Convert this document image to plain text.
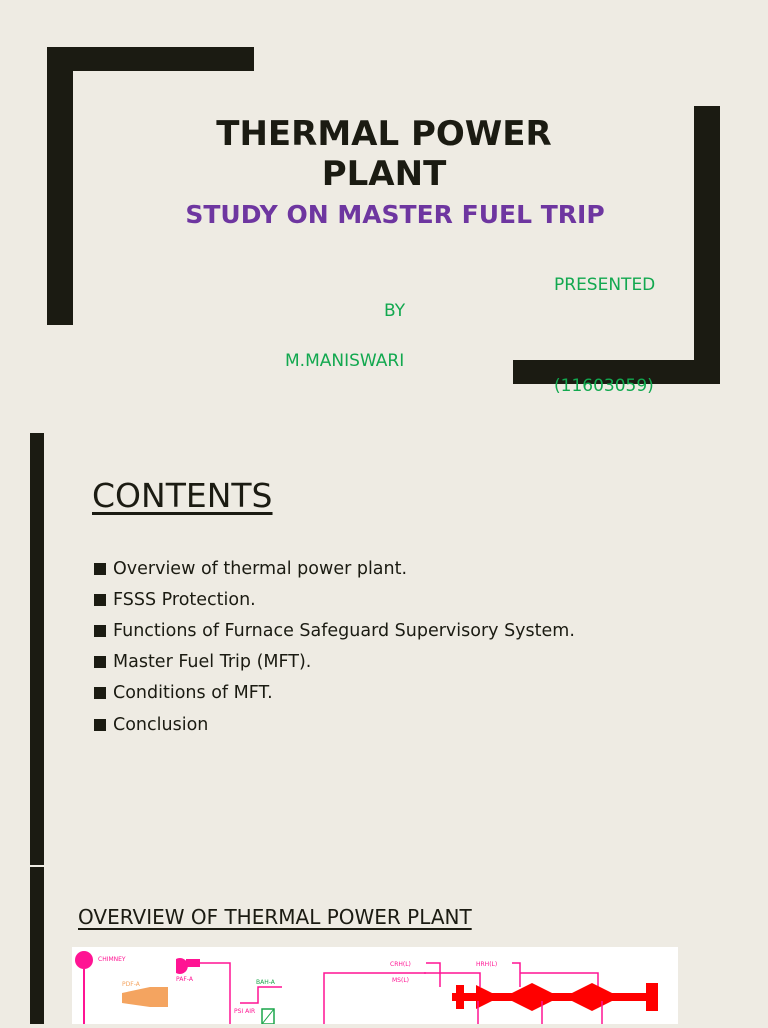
THERMAL POWER
PLANT
STUDY ON MASTER FUEL TRIP
PRESENTED
BY
M.MANISWARI
(11603059)
CONTENTS
Overview of thermal power plant.
FSSS Protection.
Functions of Furnace Safeguard Supervisory System.
Master Fuel Trip (MFT).
Conditions of MFT.
Conclusion
OVERVIEW OF THERMAL POWER PLANT
CHIMNEY
PDF-A
PAF-A
PSI AIR
BAH-A
CRH(L)
MS(L)
HRH(L)
